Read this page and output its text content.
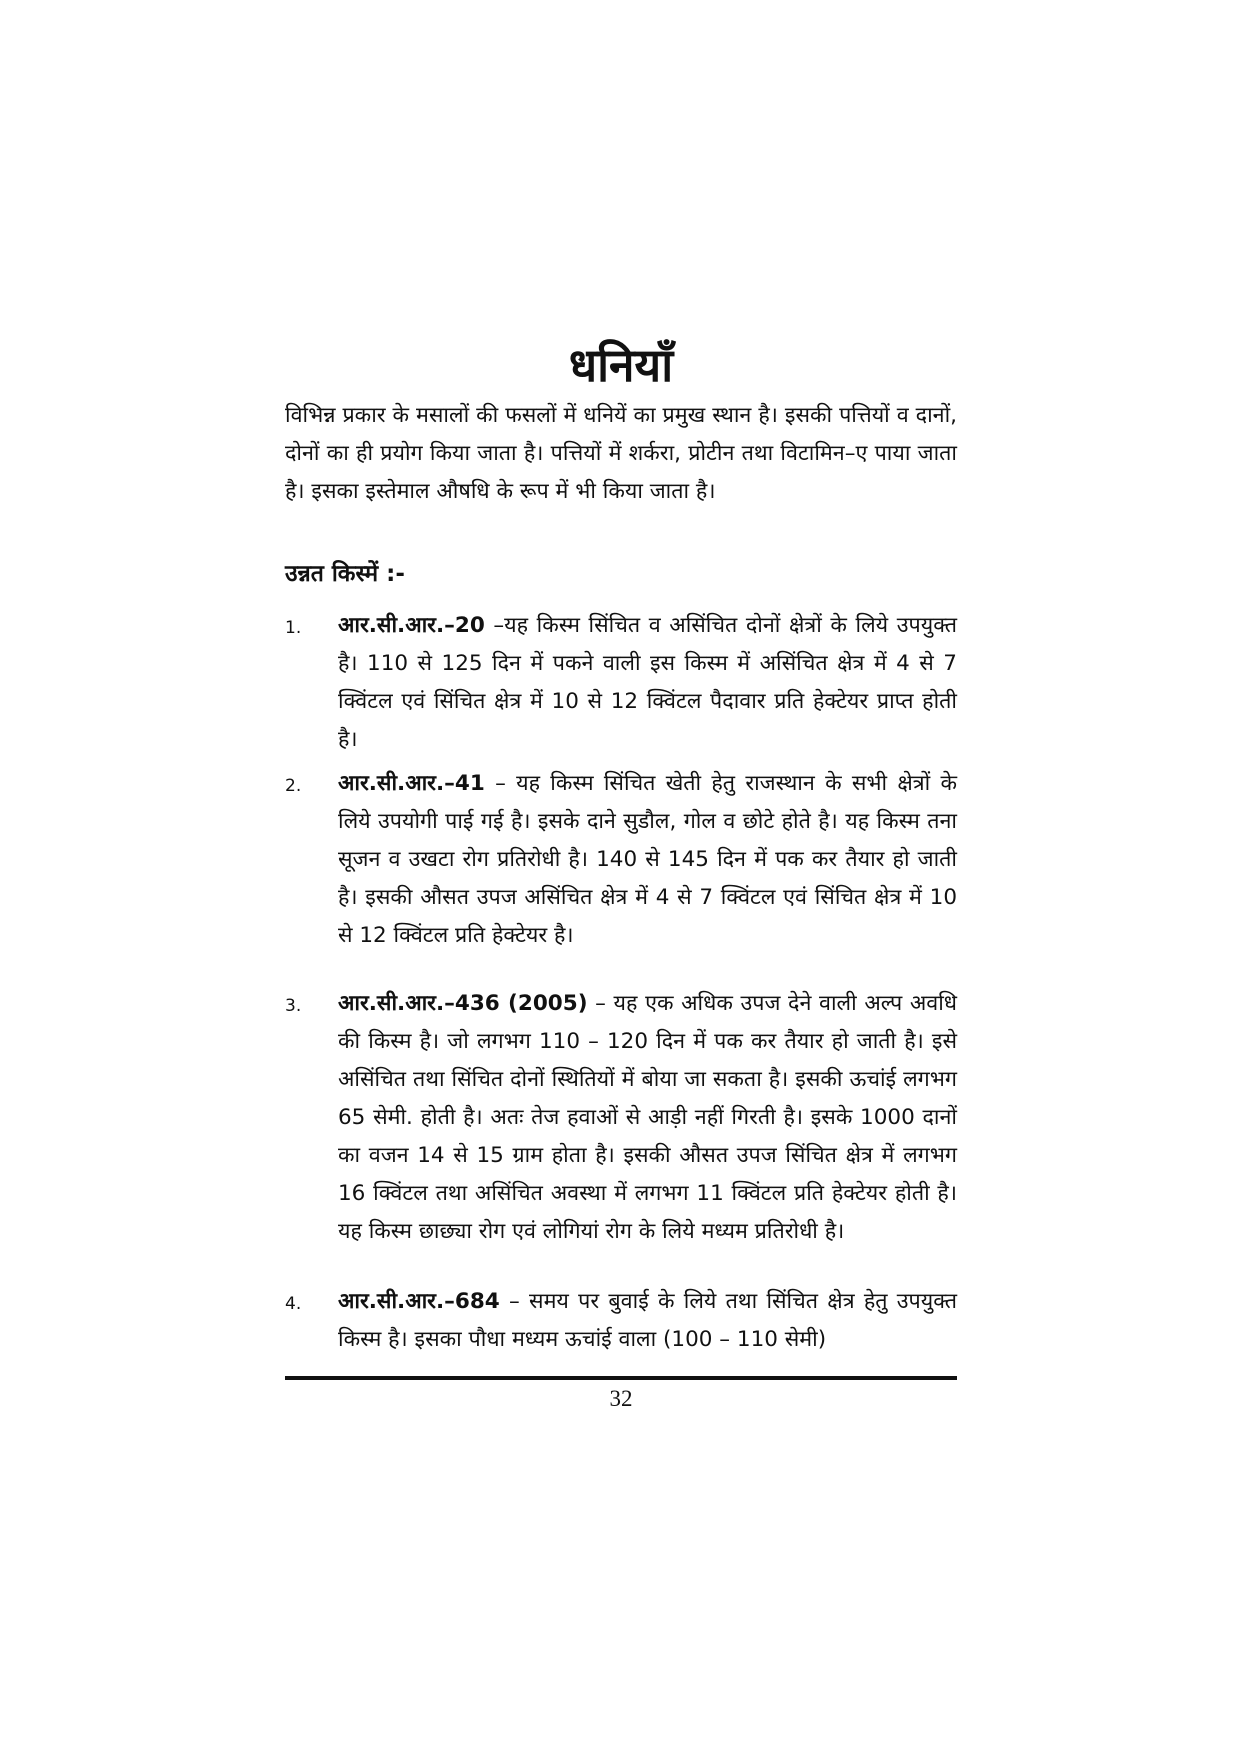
धनियाँ
विभिन्न प्रकार के मसालों की फसलों में धनियें का प्रमुख स्थान है। इसकी पत्तियों व दानों, दोनों का ही प्रयोग किया जाता है। पत्तियों में शर्करा, प्रोटीन तथा विटामिन–ए पाया जाता है। इसका इस्तेमाल औषधि के रूप में भी किया जाता है।
उन्नत किस्में :-
1.	आर.सी.आर.–20 –यह किस्म सिंचित व असिंचित दोनों क्षेत्रों के लिये उपयुक्त है। 110 से 125 दिन में पकने वाली इस किस्म में असिंचित क्षेत्र में 4 से 7 क्विंटल एवं सिंचित क्षेत्र में 10 से 12 क्विंटल पैदावार प्रति हेक्टेयर प्राप्त होती है।
2.	आर.सी.आर.–41 – यह किस्म सिंचित खेती हेतु राजस्थान के सभी क्षेत्रों के लिये उपयोगी पाई गई है। इसके दाने सुडौल, गोल व छोटे होते है। यह किस्म तना सूजन व उखटा रोग प्रतिरोधी है। 140 से 145 दिन में पक कर तैयार हो जाती है। इसकी औसत उपज असिंचित क्षेत्र में 4 से 7 क्विंटल एवं सिंचित क्षेत्र में 10 से 12 क्विंटल प्रति हेक्टेयर है।
3.	आर.सी.आर.–436 (2005) – यह एक अधिक उपज देने वाली अल्प अवधि की किस्म है। जो लगभग 110 – 120 दिन में पक कर तैयार हो जाती है। इसे असिंचित तथा सिंचित दोनों स्थितियों में बोया जा सकता है। इसकी ऊचांई लगभग 65 सेमी. होती है। अतः तेज हवाओं से आड़ी नहीं गिरती है। इसके 1000 दानों का वजन 14 से 15 ग्राम होता है। इसकी औसत उपज सिंचित क्षेत्र में लगभग 16 क्विंटल तथा असिंचित अवस्था में लगभग 11 क्विंटल प्रति हेक्टेयर होती है। यह किस्म छाछ्या रोग एवं लोगियां रोग के लिये मध्यम प्रतिरोधी है।
4.	आर.सी.आर.–684 – समय पर बुवाई के लिये तथा सिंचित क्षेत्र हेतु उपयुक्त किस्म है। इसका पौधा मध्यम ऊचांई वाला (100 – 110 सेमी)
32
